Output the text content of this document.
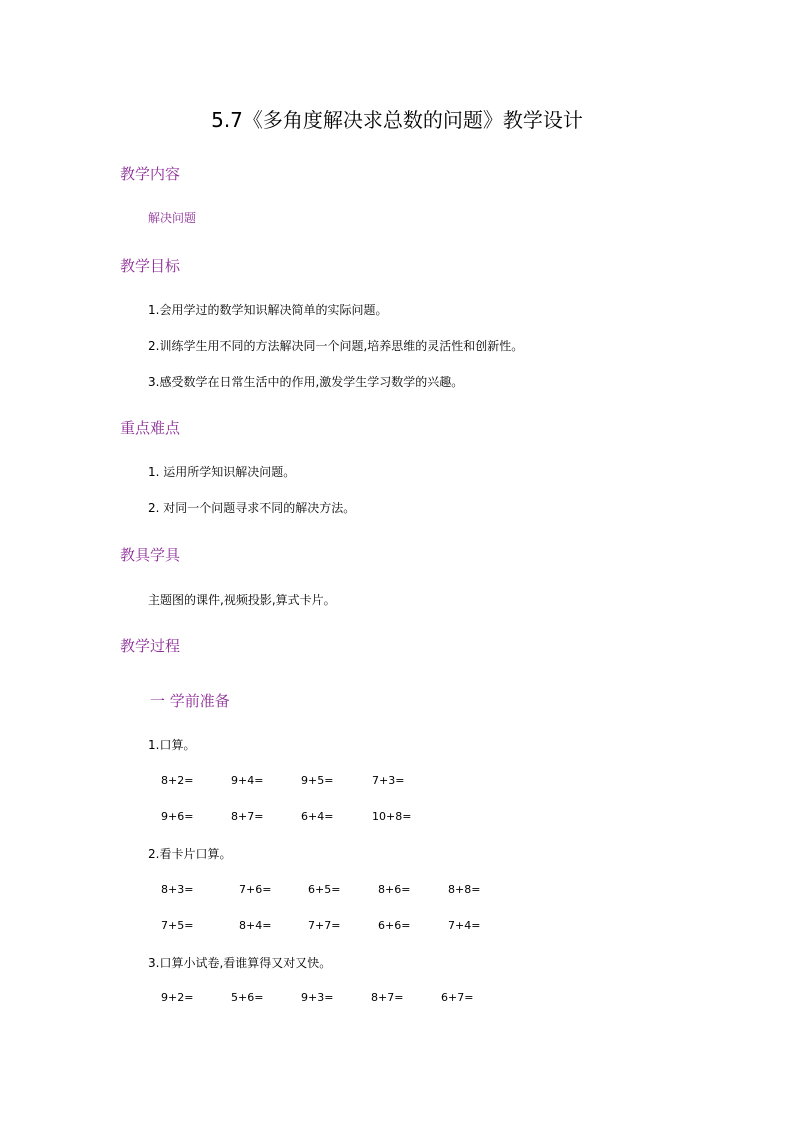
5.7《多角度解决求总数的问题》教学设计
教学内容
解决问题
教学目标
1.会用学过的数学知识解决简单的实际问题。
2.训练学生用不同的方法解决同一个问题,培养思维的灵活性和创新性。
3.感受数学在日常生活中的作用,激发学生学习数学的兴趣。
重点难点
1. 运用所学知识解决问题。
2. 对同一个问题寻求不同的解决方法。
教具学具
主题图的课件,视频投影,算式卡片。
教学过程
一 学前准备
1.口算。
8+2=	9+4=	9+5=	7+3=
9+6=	8+7=	6+4=	10+8=
2.看卡片口算。
8+3=	7+6=	6+5=	8+6=	8+8=
7+5=	8+4=	7+7=	6+6=	7+4=
3.口算小试卷,看谁算得又对又快。
9+2=	5+6=	9+3=	8+7=	6+7=
